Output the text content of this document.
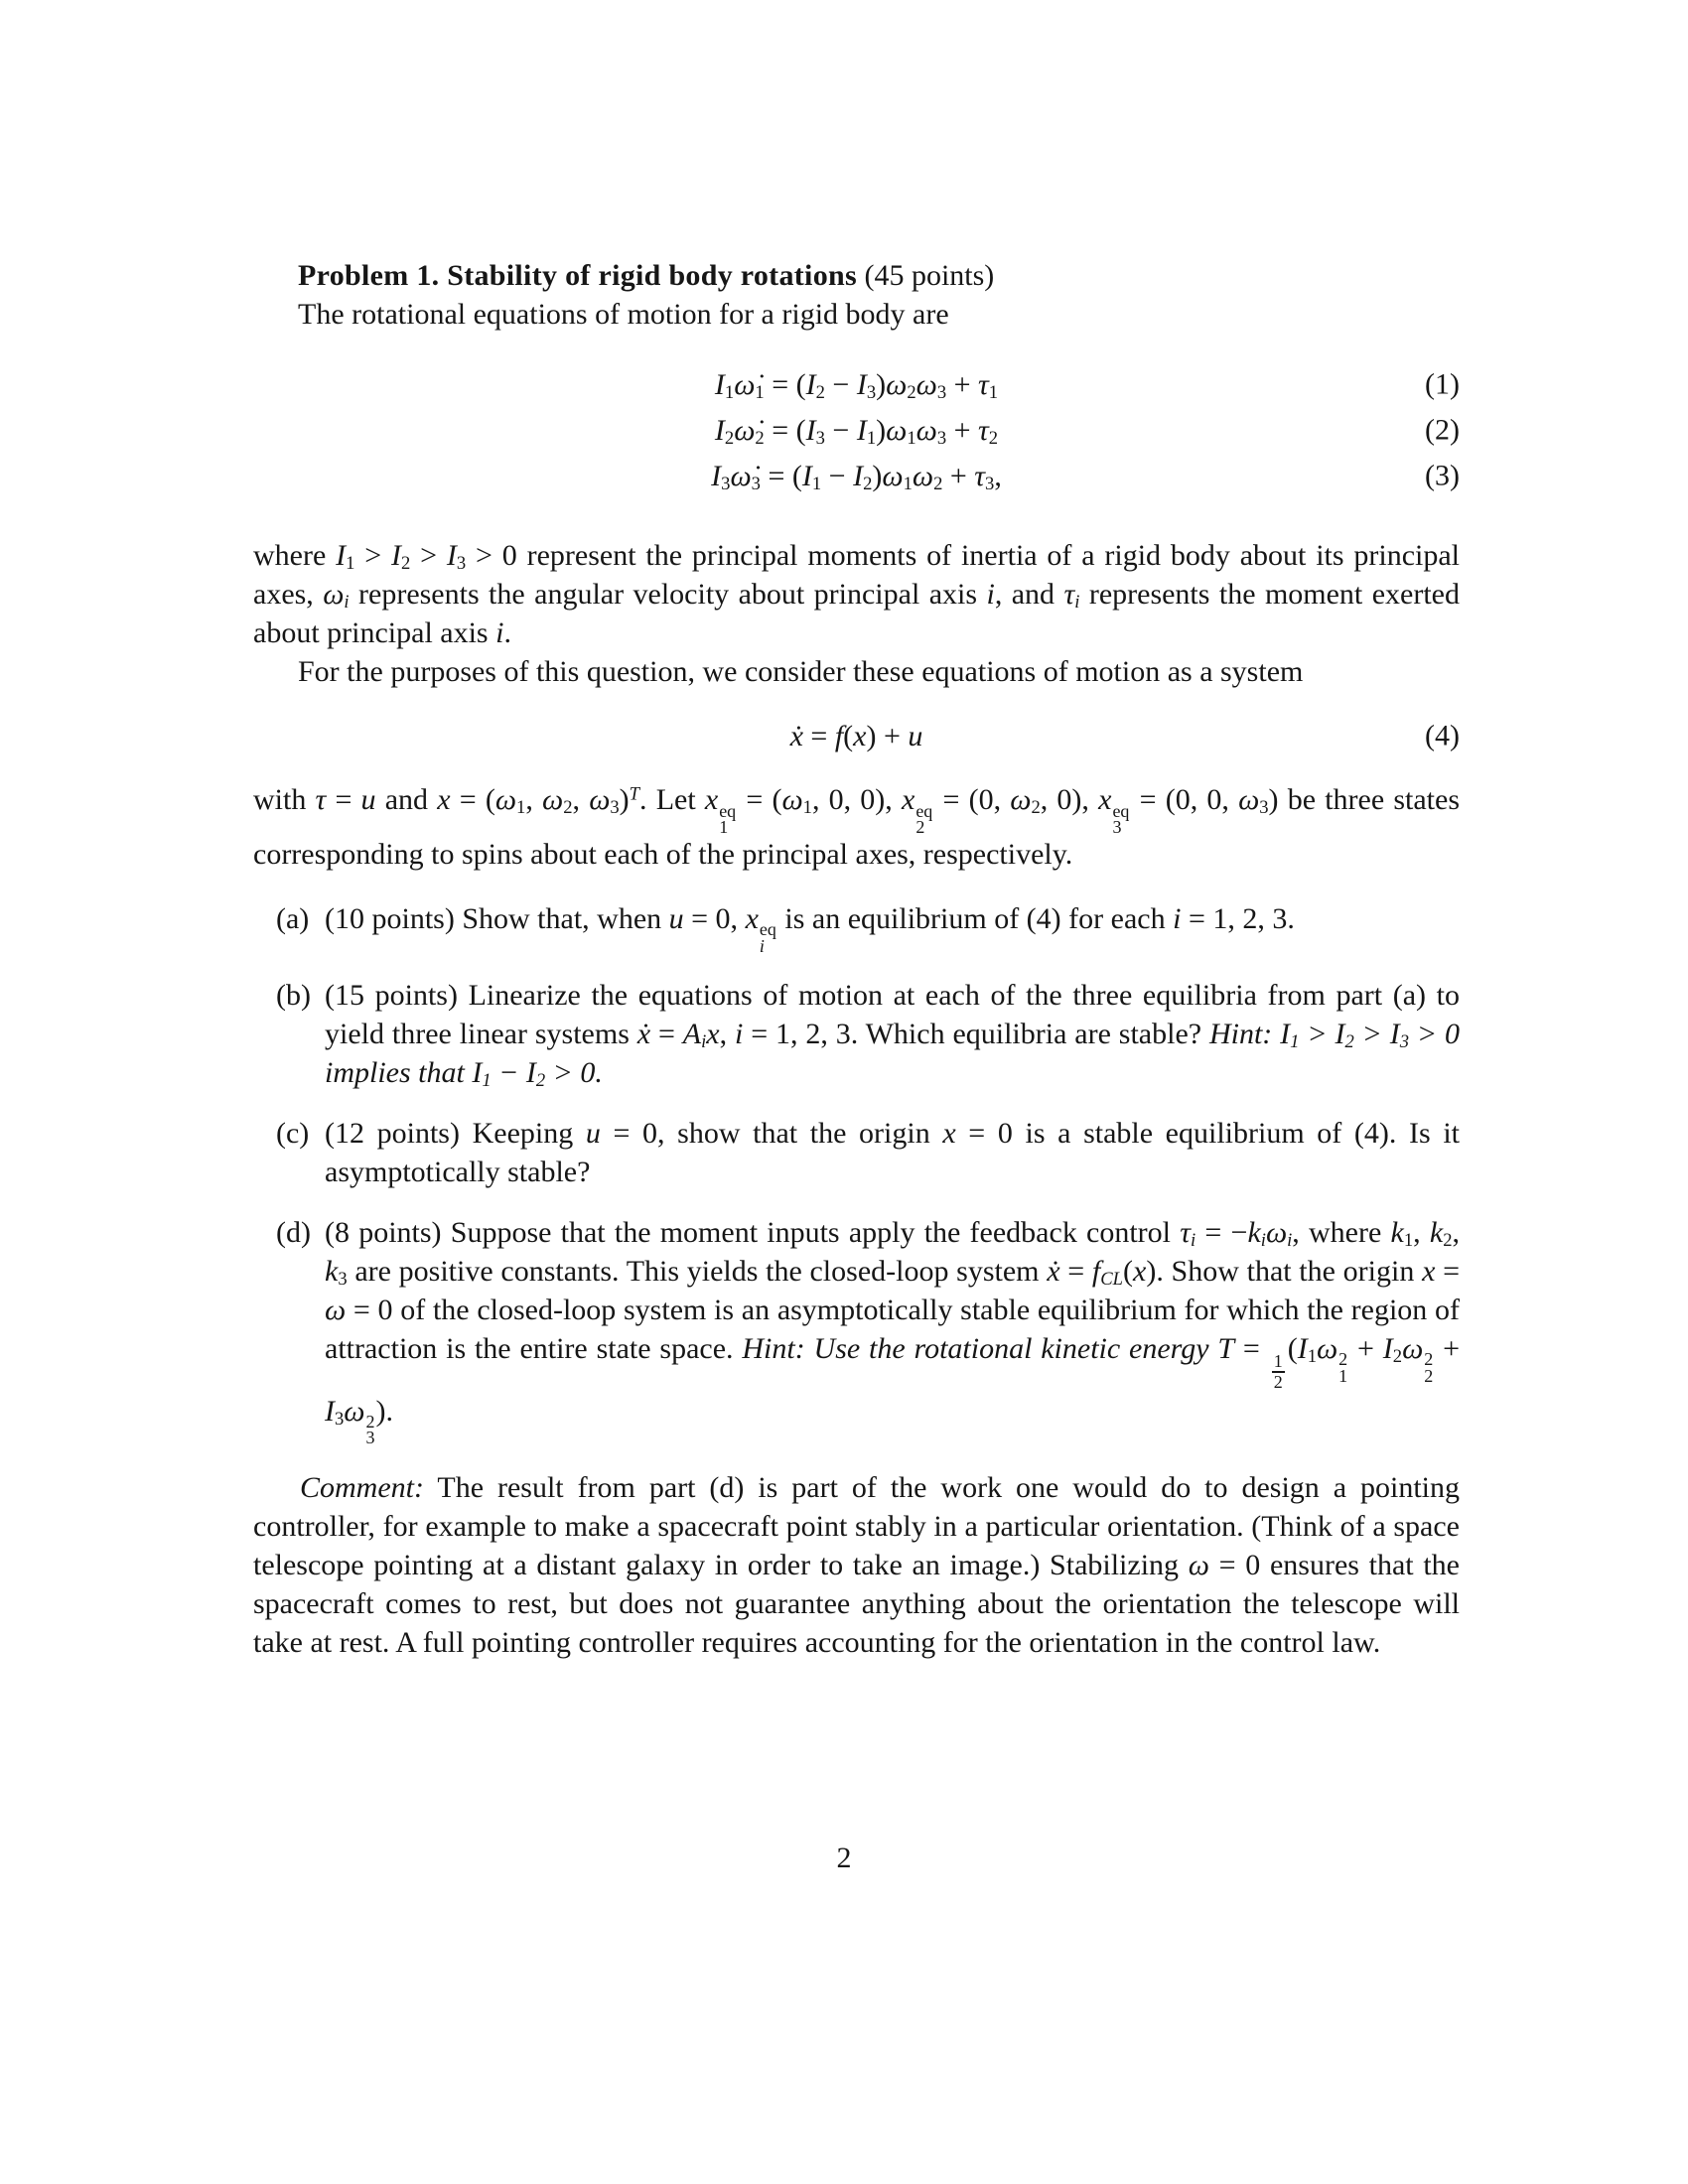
Problem 1. Stability of rigid body rotations (45 points)

The rotational equations of motion for a rigid body are

$I_1\omegȧ_1 = (I_2 - I_3)\omega_2\omega_3 + \tau_1$	(1)
$I_2\omegȧ_2 = (I_3 - I_1)\omega_1\omega_3 + \tau_2$	(2)
$I_3\omegȧ_3 = (I_1 - I_2)\omega_1\omega_2 + \tau_3$,	(3)

where $I_1 > I_2 > I_3 > 0$ represent the principal moments of inertia of a rigid body about its principal axes, $\omega_i$ represents the angular velocity about principal axis i, and $\tau_i$ represents the moment exerted about principal axis i.

For the purposes of this question, we consider these equations of motion as a system

ẋ = f(x) + u	(4)

with τ = u and $x = (\omega_1$, $\omega_2$, $\omega_3)^T$. Let x eq
1
= ($\omega_1$, 0, 0), x eq
2
= (0, $\omega_2$, 0), x eq
3
= (0, 0, $\omega_3$) be three states corresponding to spins about each of the principal axes, respectively.

(a) (10 points) Show that, when u = 0, x eq
i
is an equilibrium of (4) for each i = 1, 2, 3.
(b) (15 points) Linearize the equations of motion at each of the three equilibria from part (a) to yield three linear systems ẋ = $A_ix$, i = 1, 2, 3. Which equilibria are stable? Hint: $I_1 > I_2 > I_3 > 0$ implies that $I_1 - I_2 > 0$.
(c) (12 points) Keeping u = 0, show that the origin x = 0 is a stable equilibrium of (4). Is it asymptotically stable?
(d) (8 points) Suppose that the moment inputs apply the feedback control $\tau_i = -k_i\omega_i$, where $k_1$, $k_2$, $k_3$ are positive constants. This yields the closed-loop system ẋ = $f_{CL}(x)$. Show that the origin x = ω = 0 of the closed-loop system is an asymptotically stable equilibrium for which the region of attraction is the entire state space. Hint: Use the rotational kinetic energy T =
$\frac{1}{2}$
($I_1\omega$ 2
1
+ $I_2\omega$ 2
2
+ $I_3\omega$ 2
3
).

Comment: The result from part (d) is part of the work one would do to design a pointing controller, for example to make a spacecraft point stably in a particular orientation. (Think of a space telescope pointing at a distant galaxy in order to take an image.) Stabilizing ω = 0 ensures that the spacecraft comes to rest, but does not guarantee anything about the orientation the telescope will take at rest. A full pointing controller requires accounting for the orientation in the control law.

2
